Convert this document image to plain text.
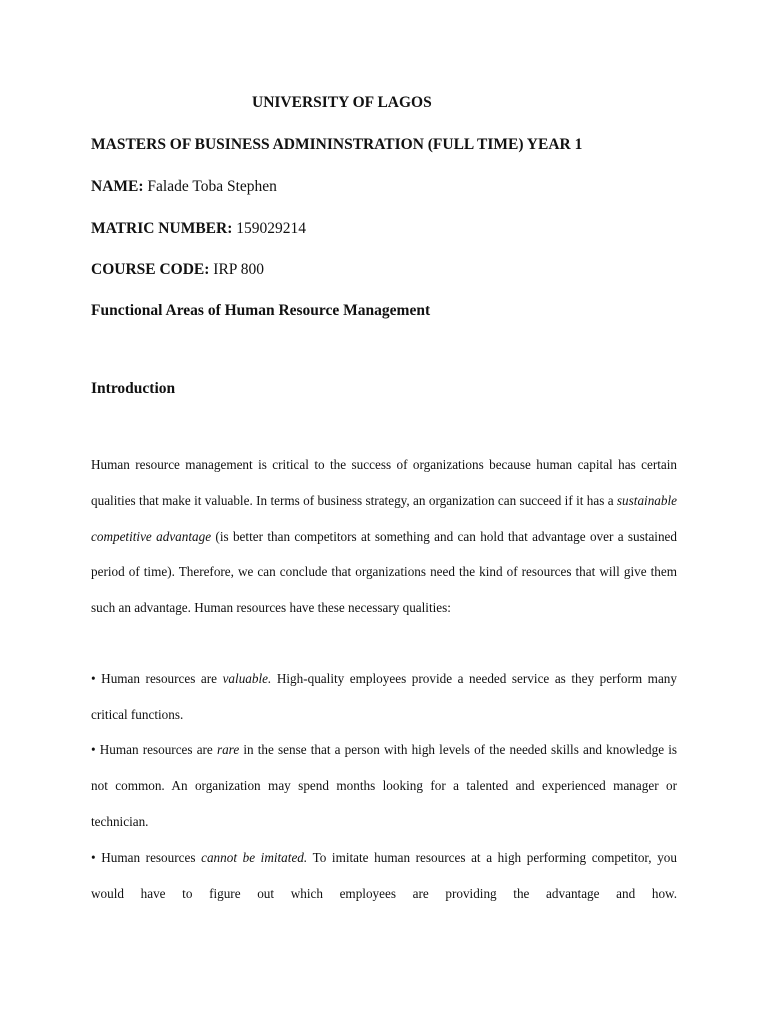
UNIVERSITY OF LAGOS
MASTERS OF BUSINESS ADMININSTRATION (FULL TIME) YEAR 1
NAME: Falade Toba Stephen
MATRIC NUMBER: 159029214
COURSE CODE: IRP 800
Functional Areas of Human Resource Management
Introduction
Human resource management is critical to the success of organizations because human capital has certain qualities that make it valuable. In terms of business strategy, an organization can succeed if it has a sustainable competitive advantage (is better than competitors at something and can hold that advantage over a sustained period of time). Therefore, we can conclude that organizations need the kind of resources that will give them such an advantage. Human resources have these necessary qualities:
• Human resources are valuable. High-quality employees provide a needed service as they perform many critical functions.
• Human resources are rare in the sense that a person with high levels of the needed skills and knowledge is not common. An organization may spend months looking for a talented and experienced manager or technician.
• Human resources cannot be imitated. To imitate human resources at a high performing competitor, you would have to figure out which employees are providing the advantage and how.
